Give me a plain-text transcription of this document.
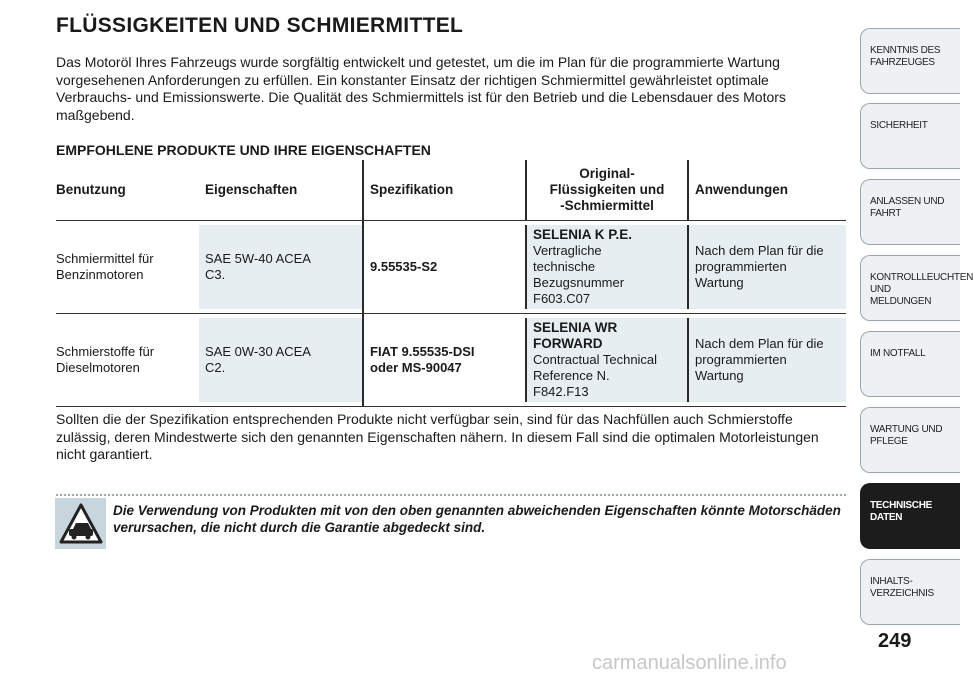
FLÜSSIGKEITEN UND SCHMIERMITTEL

Das Motoröl Ihres Fahrzeugs wurde sorgfältig entwickelt und getestet, um die im Plan für die programmierte Wartung vorgesehenen Anforderungen zu erfüllen. Ein konstanter Einsatz der richtigen Schmiermittel gewährleistet optimale Verbrauchs- und Emissionswerte. Die Qualität des Schmiermittels ist für den Betrieb und die Lebensdauer des Motors maßgebend.

EMPFOHLENE PRODUKTE UND IHRE EIGENSCHAFTEN
Benutzung	Eigenschaften	Spezifikation
Original-
Flüssigkeiten und
-Schmiermittel
Anwendungen
Schmiermittel für
Benzinmotoren
SAE 5W-40 ACEA
C3.
9.55535-S2
SELENIA K P.E.
Vertragliche
technische
Bezugsnummer
F603.C07
Nach dem Plan für die
programmierten
Wartung
Schmierstoffe für
Dieselmotoren
SAE 0W-30 ACEA
C2.
FIAT 9.55535-DSI
oder MS-90047
SELENIA WR
FORWARD
Contractual Technical
Reference N.
F842.F13
Nach dem Plan für die
programmierten
Wartung

Sollten die der Spezifikation entsprechenden Produkte nicht verfügbar sein, sind für das Nachfüllen auch Schmierstoffe zulässig, deren Mindestwerte sich den genannten Eigenschaften nähern. In diesem Fall sind die optimalen Motorleistungen nicht garantiert.

Die Verwendung von Produkten mit von den oben genannten abweichenden Eigenschaften könnte Motorschäden verursachen, die nicht durch die Garantie abgedeckt sind.

KENNTNIS DES
FAHRZEUGES
SICHERHEIT
ANLASSEN UND
FAHRT
KONTROLLLEUCHTEN
UND MELDUNGEN
IM NOTFALL
WARTUNG UND
PFLEGE
TECHNISCHE
DATEN
INHALTS-
VERZEICHNIS

249

carmanualsonline.info
